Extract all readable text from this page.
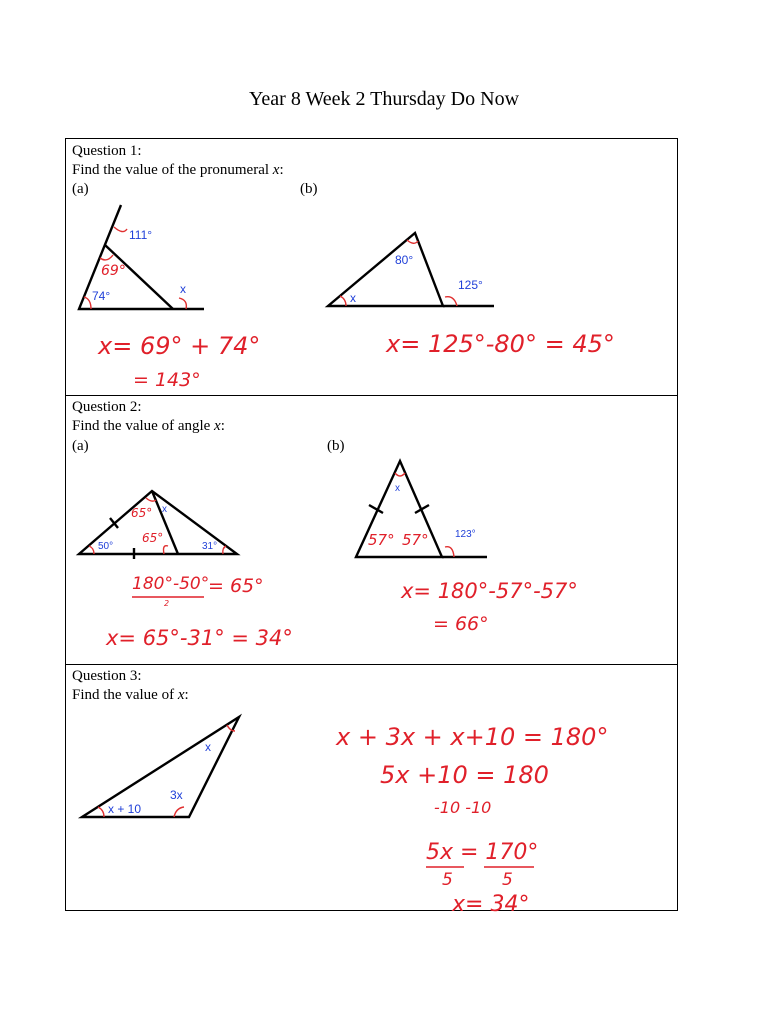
Year 8 Week 2 Thursday Do Now
Question 1:
Find the value of the pronumeral x:
(a)	(b)
111°
74°	x
69°
80°
125°
x
x= 69° + 74°
= 143°
x= 125°-80° = 45°
Question 2:
Find the value of angle x:
(a)	(b)
50°	31°
x
65°
65°
x
123°
57° 57°
180°-50°
2
= 65°
x= 65°-31° = 34°
x= 180°-57°-57°
= 66°
Question 3:
Find the value of x:
x + 10
3x
x	x + 3x + x+10 = 180°
5x +10 = 180
-10 -10
5x = 170°
5	5
x= 34°
